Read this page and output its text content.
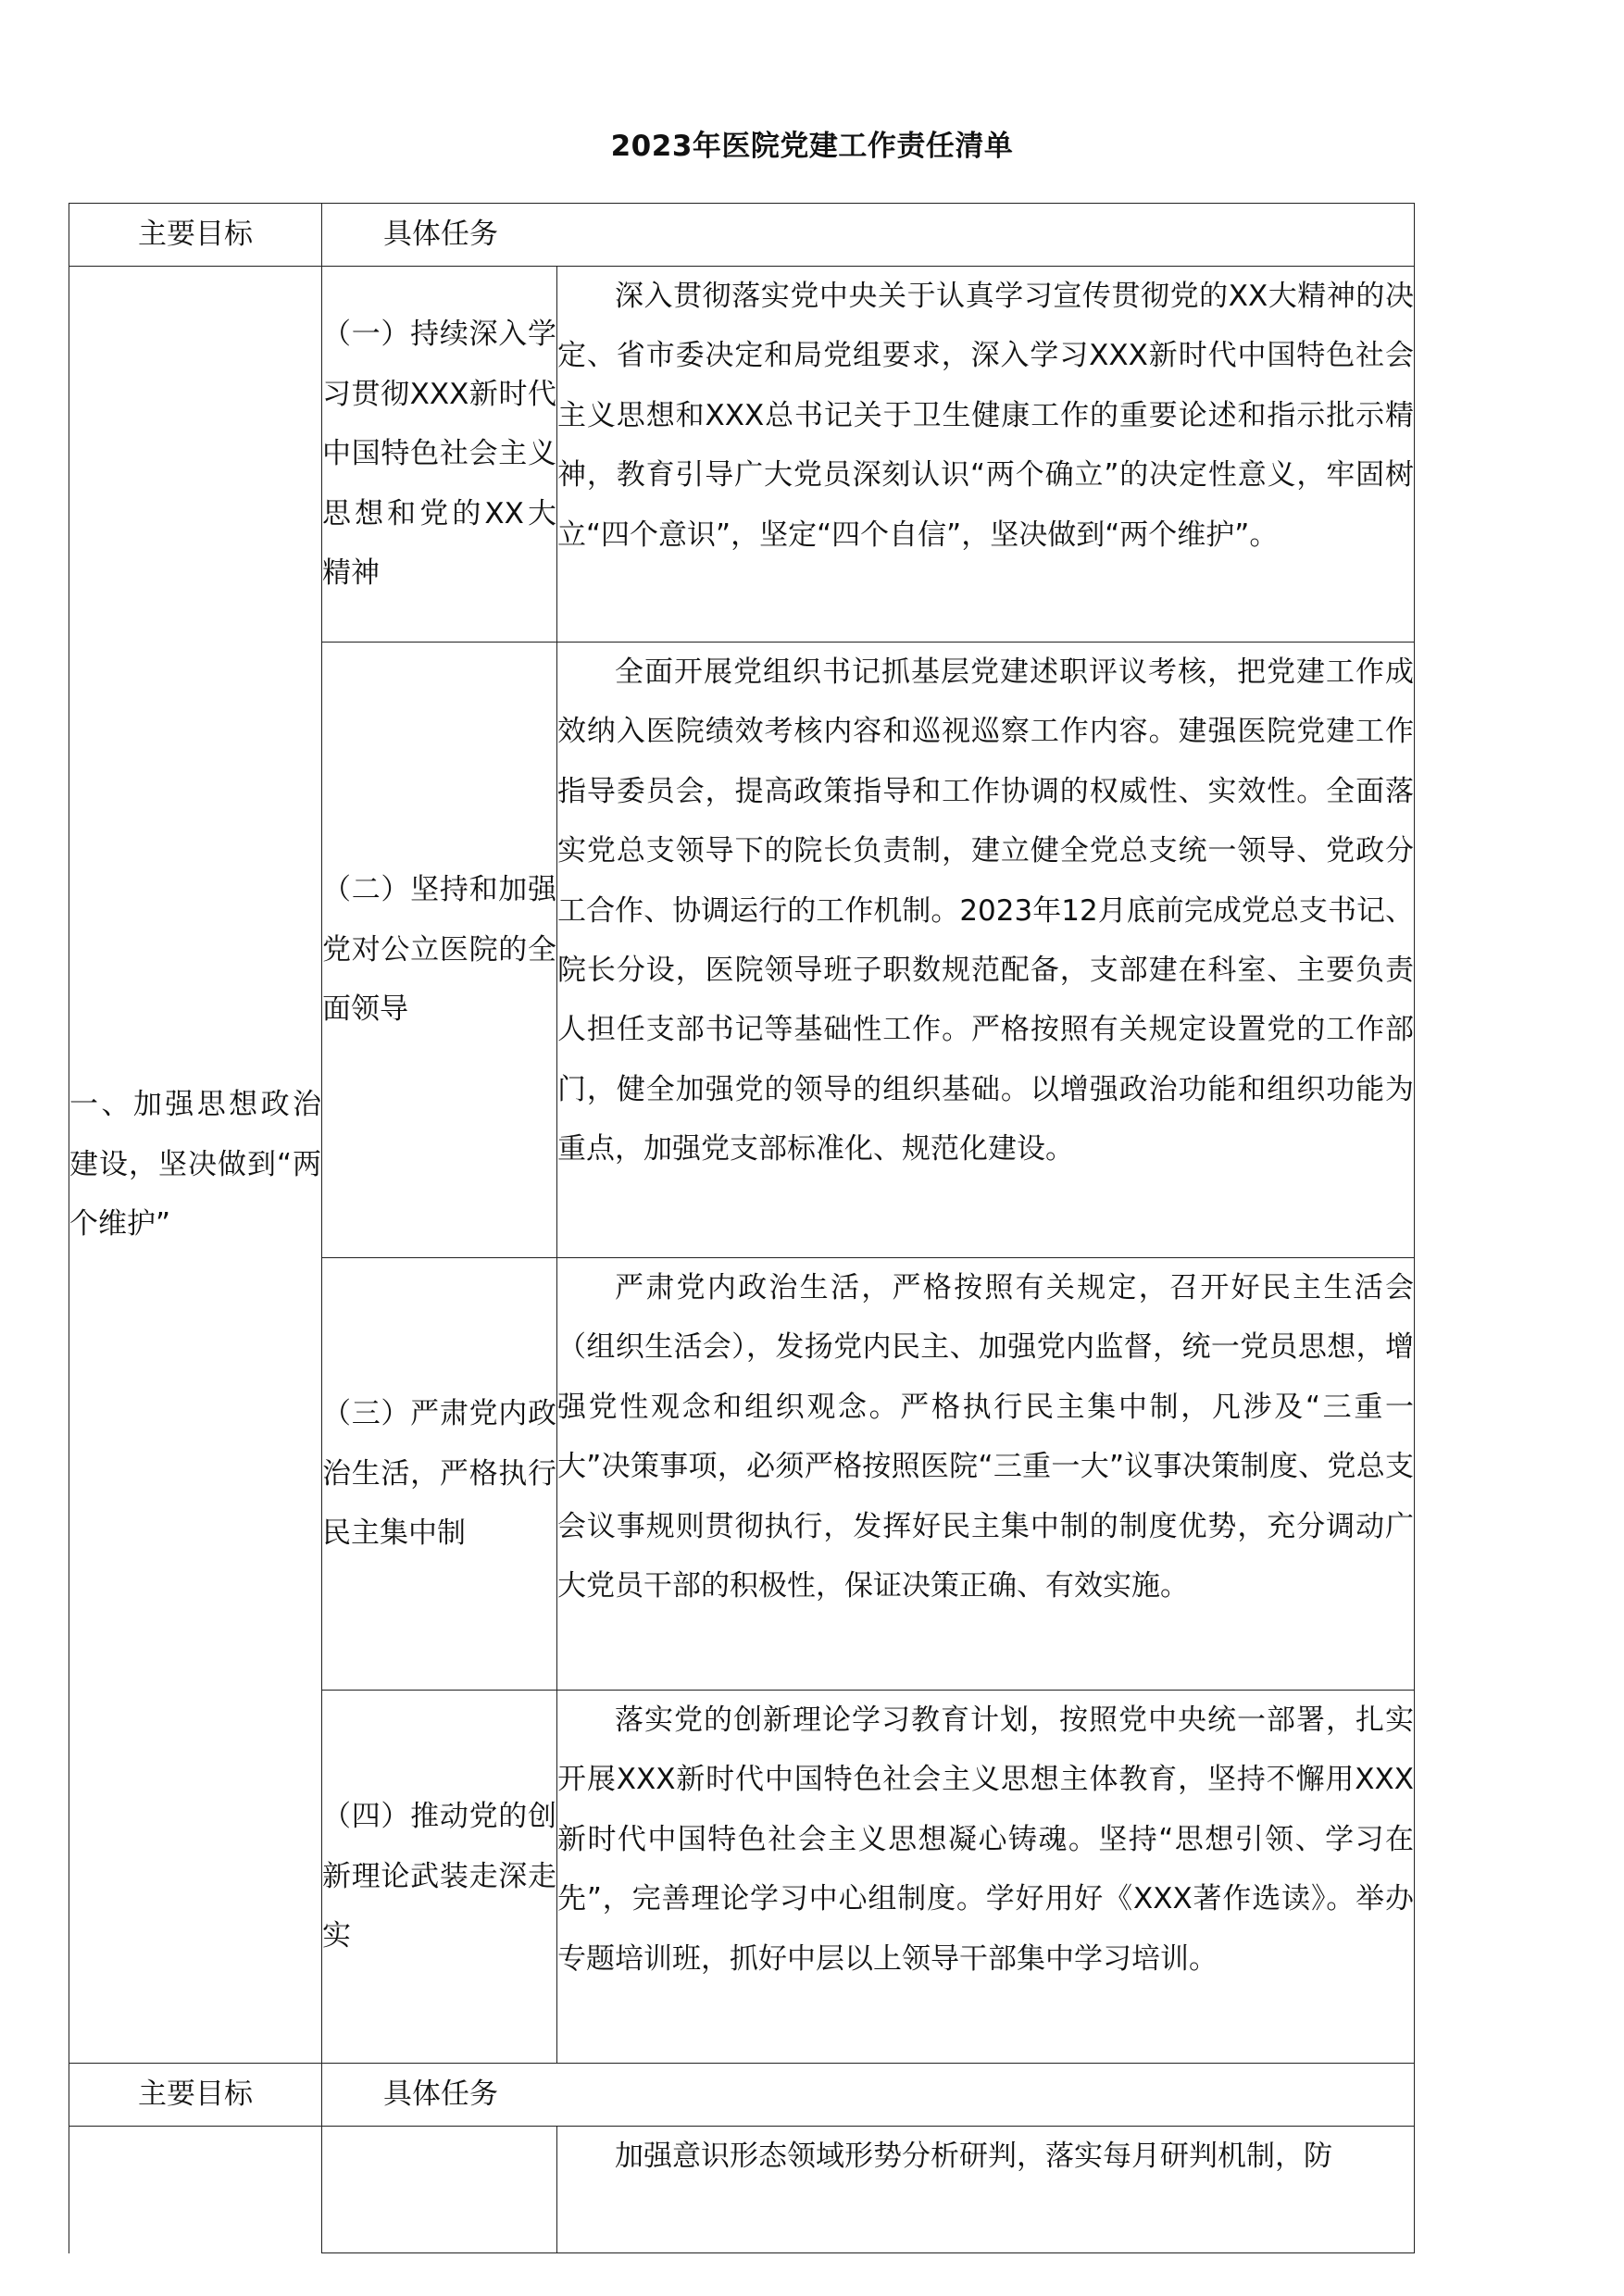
2023年医院党建工作责任清单
主要目标	具体任务	

一、加强思想政治建设，坚决做到“两个维护”	（一）持续深入学习贯彻XXX新时代中国特色社会主义思想和党的XX大精神	深入贯彻落实党中央关于认真学习宣传贯彻党的XX大精神的决定、省市委决定和局党组要求，深入学习XXX新时代中国特色社会主义思想和XXX总书记关于卫生健康工作的重要论述和指示批示精神，教育引导广大党员深刻认识“两个确立”的决定性意义，牢固树立“四个意识”，坚定“四个自信”，坚决做到“两个维护”。

	（二）坚持和加强党对公立医院的全面领导	全面开展党组织书记抓基层党建述职评议考核，把党建工作成效纳入医院绩效考核内容和巡视巡察工作内容。建强医院党建工作指导委员会，提高政策指导和工作协调的权威性、实效性。全面落实党总支领导下的院长负责制，建立健全党总支统一领导、党政分工合作、协调运行的工作机制。2023年12月底前完成党总支书记、院长分设，医院领导班子职数规范配备，支部建在科室、主要负责人担任支部书记等基础性工作。严格按照有关规定设置党的工作部门，健全加强党的领导的组织基础。以增强政治功能和组织功能为重点，加强党支部标准化、规范化建设。

	（三）严肃党内政治生活，严格执行民主集中制	严肃党内政治生活，严格按照有关规定，召开好民主生活会（组织生活会），发扬党内民主、加强党内监督，统一党员思想，增强党性观念和组织观念。严格执行民主集中制，凡涉及“三重一大”决策事项，必须严格按照医院“三重一大”议事决策制度、党总支会议事规则贯彻执行，发挥好民主集中制的制度优势，充分调动广大党员干部的积极性，保证决策正确、有效实施。

	（四）推动党的创新理论武装走深走实	落实党的创新理论学习教育计划，按照党中央统一部署，扎实开展XXX新时代中国特色社会主义思想主体教育，坚持不懈用XXX新时代中国特色社会主义思想凝心铸魂。坚持“思想引领、学习在先”，完善理论学习中心组制度。学好用好《XXX著作选读》。举办专题培训班，抓好中层以上领导干部集中学习培训。

主要目标	具体任务	

		加强意识形态领域形势分析研判，落实每月研判机制，防
